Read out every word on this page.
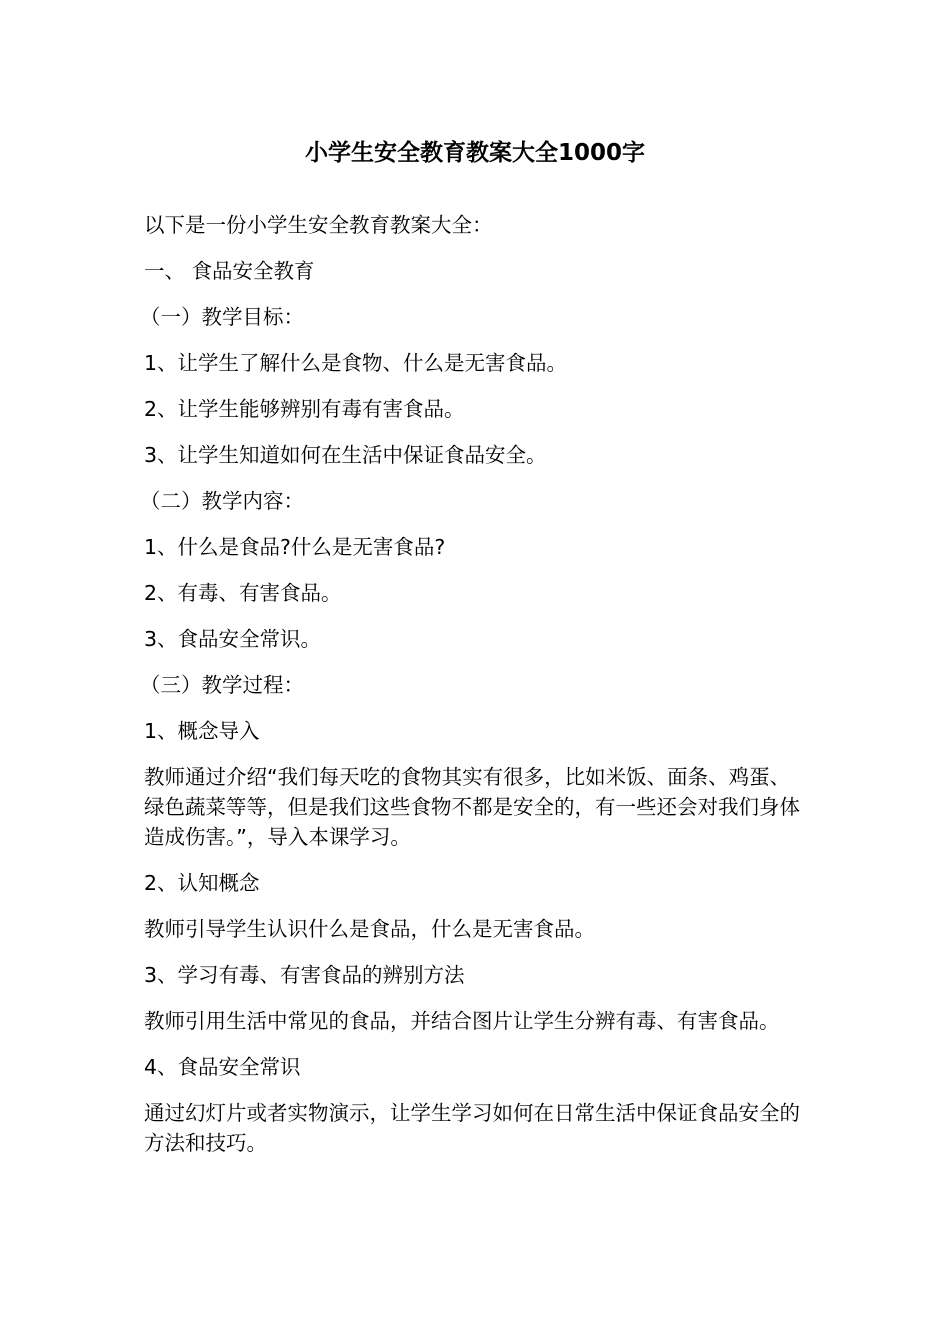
小学生安全教育教案大全1000字

以下是一份小学生安全教育教案大全：

一、 食品安全教育

（一）教学目标：

1、让学生了解什么是食物、什么是无害食品。

2、让学生能够辨别有毒有害食品。

3、让学生知道如何在生活中保证食品安全。

（二）教学内容：

1、什么是食品?什么是无害食品?

2、有毒、有害食品。

3、食品安全常识。

（三）教学过程：

1、概念导入

教师通过介绍“我们每天吃的食物其实有很多，比如米饭、面条、鸡蛋、绿色蔬菜等等，但是我们这些食物不都是安全的，有一些还会对我们身体造成伤害。”，导入本课学习。

2、认知概念

教师引导学生认识什么是食品，什么是无害食品。

3、学习有毒、有害食品的辨别方法

教师引用生活中常见的食品，并结合图片让学生分辨有毒、有害食品。

4、食品安全常识

通过幻灯片或者实物演示，让学生学习如何在日常生活中保证食品安全的方法和技巧。
